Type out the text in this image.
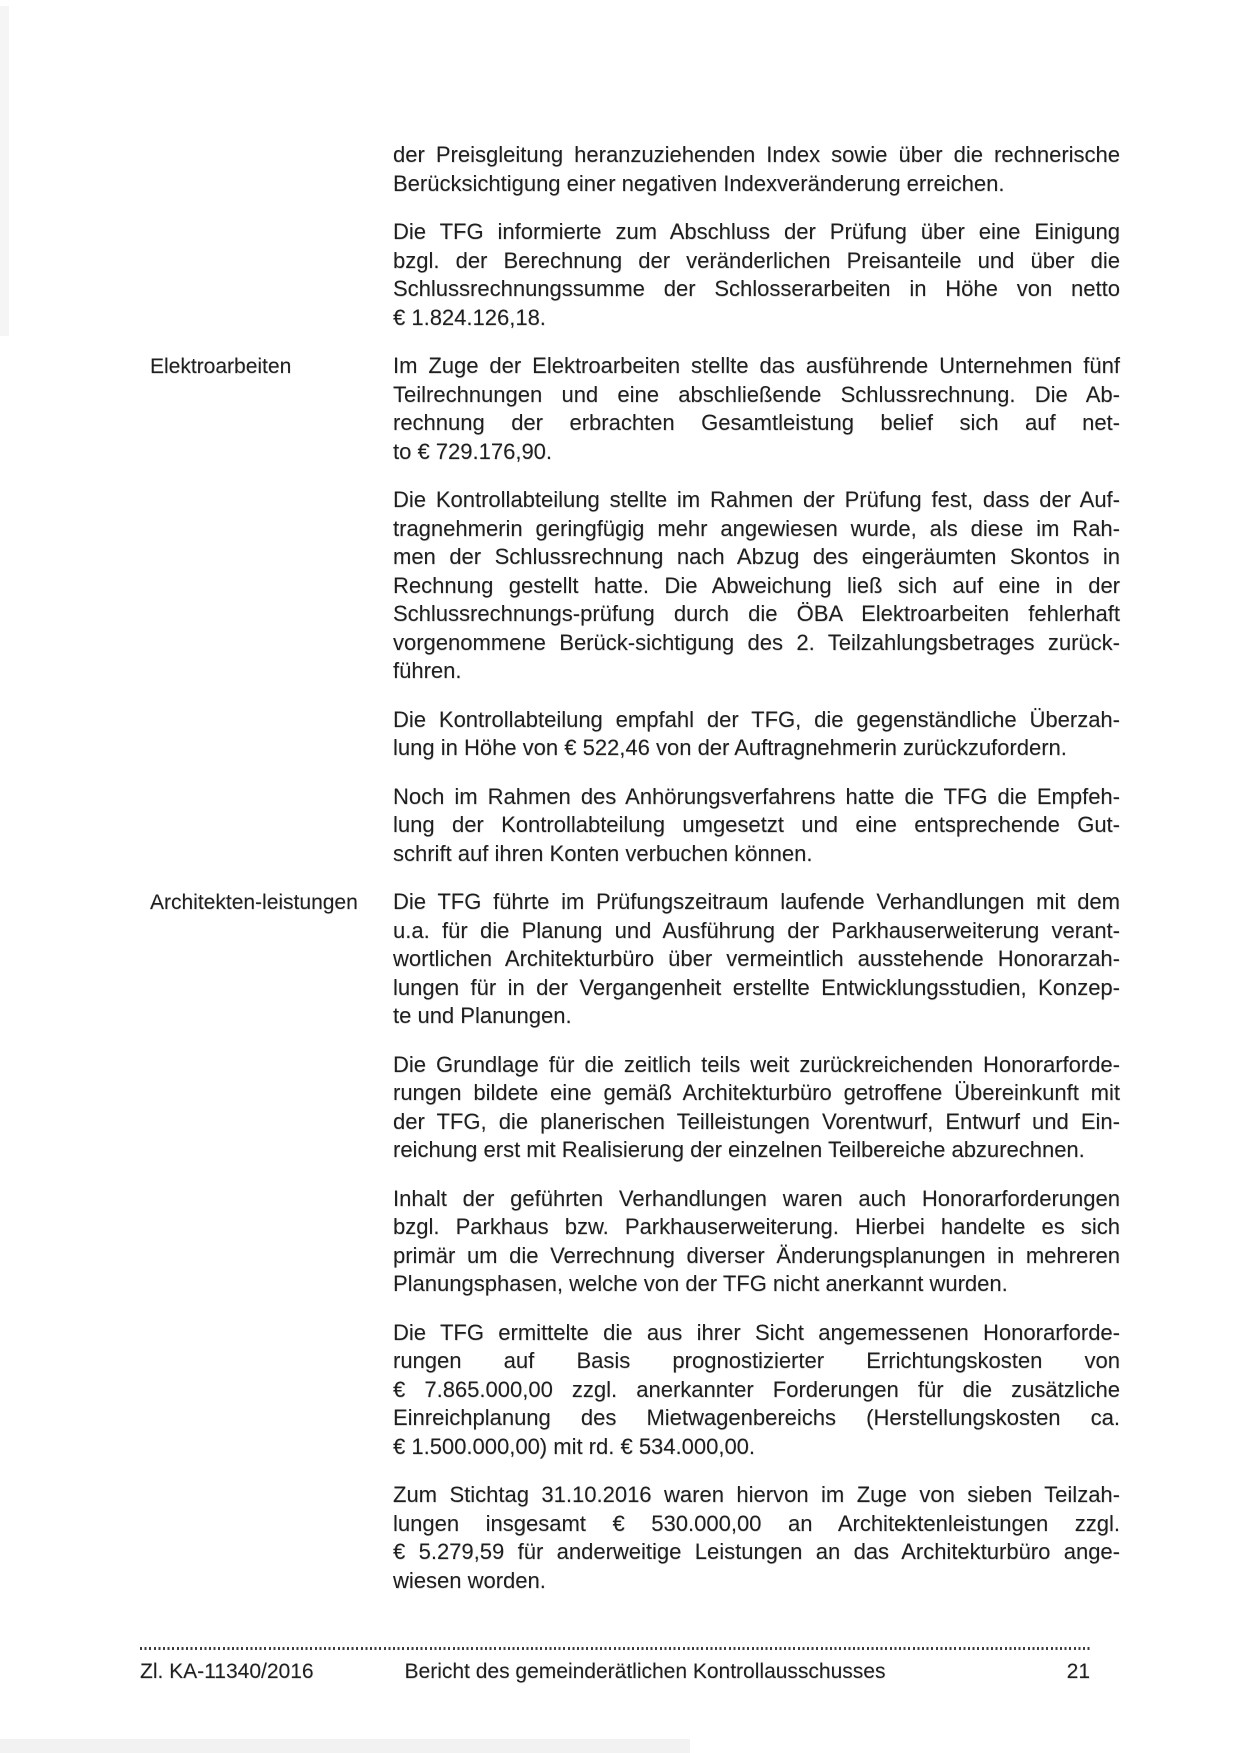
der Preisgleitung heranzuziehenden Index sowie über die rechnerische
Berücksichtigung einer negativen Indexveränderung erreichen.
Die TFG informierte zum Abschluss der Prüfung über eine Einigung
bzgl. der Berechnung der veränderlichen Preisanteile und über die
Schlussrechnungssumme der Schlosserarbeiten in Höhe von netto
€ 1.824.126,18.
Elektroarbeiten	Im Zuge der Elektroarbeiten stellte das ausführende Unternehmen fünf
Teilrechnungen und eine abschließende Schlussrechnung. Die Ab-
rechnung der erbrachten Gesamtleistung belief sich auf net-
to € 729.176,90.
Die Kontrollabteilung stellte im Rahmen der Prüfung fest, dass der Auf-
tragnehmerin geringfügig mehr angewiesen wurde, als diese im Rah-
men der Schlussrechnung nach Abzug des eingeräumten Skontos in
Rechnung gestellt hatte. Die Abweichung ließ sich auf eine in der
Schlussrechnungs-prüfung durch die ÖBA Elektroarbeiten fehlerhaft
vorgenommene Berück-sichtigung des 2. Teilzahlungsbetrages zurück-
führen.
Die Kontrollabteilung empfahl der TFG, die gegenständliche Überzah-
lung in Höhe von € 522,46 von der Auftragnehmerin zurückzufordern.
Noch im Rahmen des Anhörungsverfahrens hatte die TFG die Empfeh-
lung der Kontrollabteilung umgesetzt und eine entsprechende Gut-
schrift auf ihren Konten verbuchen können.
Architekten-leistungen	Die TFG führte im Prüfungszeitraum laufende Verhandlungen mit dem
u.a. für die Planung und Ausführung der Parkhauserweiterung verant-
wortlichen Architekturbüro über vermeintlich ausstehende Honorarzah-
lungen für in der Vergangenheit erstellte Entwicklungsstudien, Konzep-
te und Planungen.
Die Grundlage für die zeitlich teils weit zurückreichenden Honorarforde-
rungen bildete eine gemäß Architekturbüro getroffene Übereinkunft mit
der TFG, die planerischen Teilleistungen Vorentwurf, Entwurf und Ein-
reichung erst mit Realisierung der einzelnen Teilbereiche abzurechnen.
Inhalt der geführten Verhandlungen waren auch Honorarforderungen
bzgl. Parkhaus bzw. Parkhauserweiterung. Hierbei handelte es sich
primär um die Verrechnung diverser Änderungsplanungen in mehreren
Planungsphasen, welche von der TFG nicht anerkannt wurden.
Die TFG ermittelte die aus ihrer Sicht angemessenen Honorarforde-
rungen auf Basis prognostizierter Errichtungskosten von
€ 7.865.000,00 zzgl. anerkannter Forderungen für die zusätzliche
Einreichplanung des Mietwagenbereichs (Herstellungskosten ca.
€ 1.500.000,00) mit rd. € 534.000,00.
Zum Stichtag 31.10.2016 waren hiervon im Zuge von sieben Teilzah-
lungen insgesamt € 530.000,00 an Architektenleistungen zzgl.
€ 5.279,59 für anderweitige Leistungen an das Architekturbüro ange-
wiesen worden.
Zl. KA-11340/2016	Bericht des gemeinderätlichen Kontrollausschusses	21
